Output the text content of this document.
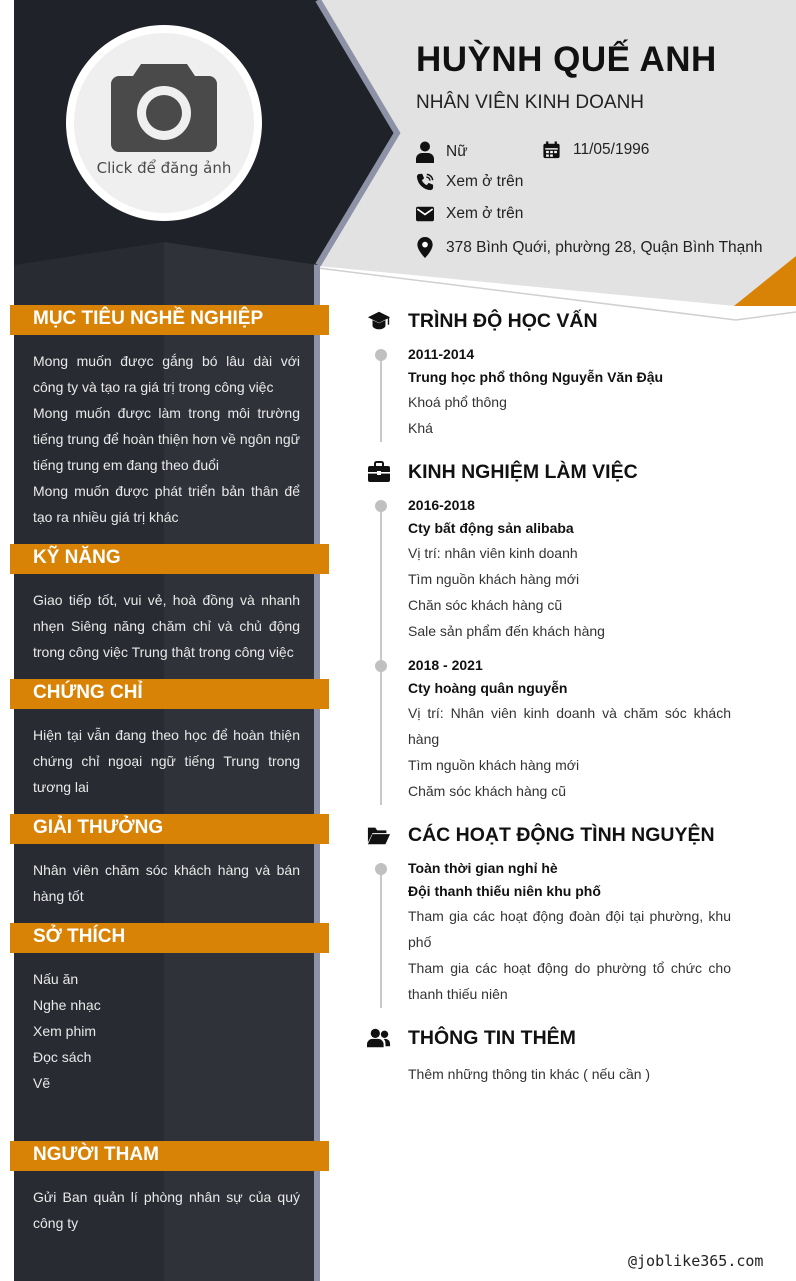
Click để đăng ảnh
HUỲNH QUẾ ANH
NHÂN VIÊN KINH DOANH
Nữ	11/05/1996
Xem ở trên
Xem ở trên
378 Bình Quới, phường 28, Quận Bình Thạnh
MỤC TIÊU NGHỀ NGHIỆP

Mong muốn được gắng bó lâu dài với công ty và tạo ra giá trị trong công việc

Mong muốn được làm trong môi trường tiếng trung để hoàn thiện hơn về ngôn ngữ tiếng trung em đang theo đuổi

Mong muốn được phát triển bản thân để tạo ra nhiều giá trị khác

KỸ NĂNG

Giao tiếp tốt, vui vẻ, hoà đồng và nhanh nhẹn Siêng năng chăm chỉ và chủ động trong công việc Trung thật trong công việc

CHỨNG CHỈ

Hiện tại vẫn đang theo học để hoàn thiện chứng chỉ ngoại ngữ tiếng Trung trong tương lai

GIẢI THƯỞNG

Nhân viên chăm sóc khách hàng và bán hàng tốt

SỞ THÍCH

Nấu ăn

Nghe nhạc

Xem phim

Đọc sách

Vẽ

NGƯỜI THAM

Gửi Ban quản lí phòng nhân sự của quý công ty

TRÌNH ĐỘ HỌC VẤN

2011-2014

Trung học phổ thông Nguyễn Văn Đậu

Khoá phổ thông

Khá

KINH NGHIỆM LÀM VIỆC

2016-2018

Cty bất động sản alibaba

Vị trí: nhân viên kinh doanh

Tìm nguồn khách hàng mới

Chăn sóc khách hàng cũ

Sale sản phẩm đến khách hàng

2018 - 2021

Cty hoàng quân nguyễn

Vị trí: Nhân viên kinh doanh và chăm sóc khách hàng

Tìm nguồn khách hàng mới

Chăm sóc khách hàng cũ

CÁC HOẠT ĐỘNG TÌNH NGUYỆN

Toàn thời gian nghỉ hè

Đội thanh thiếu niên khu phố

Tham gia các hoạt động đoàn đội tại phường, khu phố

Tham gia các hoạt động do phường tổ chức cho thanh thiếu niên

THÔNG TIN THÊM

Thêm những thông tin khác ( nếu cần )

@joblike365.com
